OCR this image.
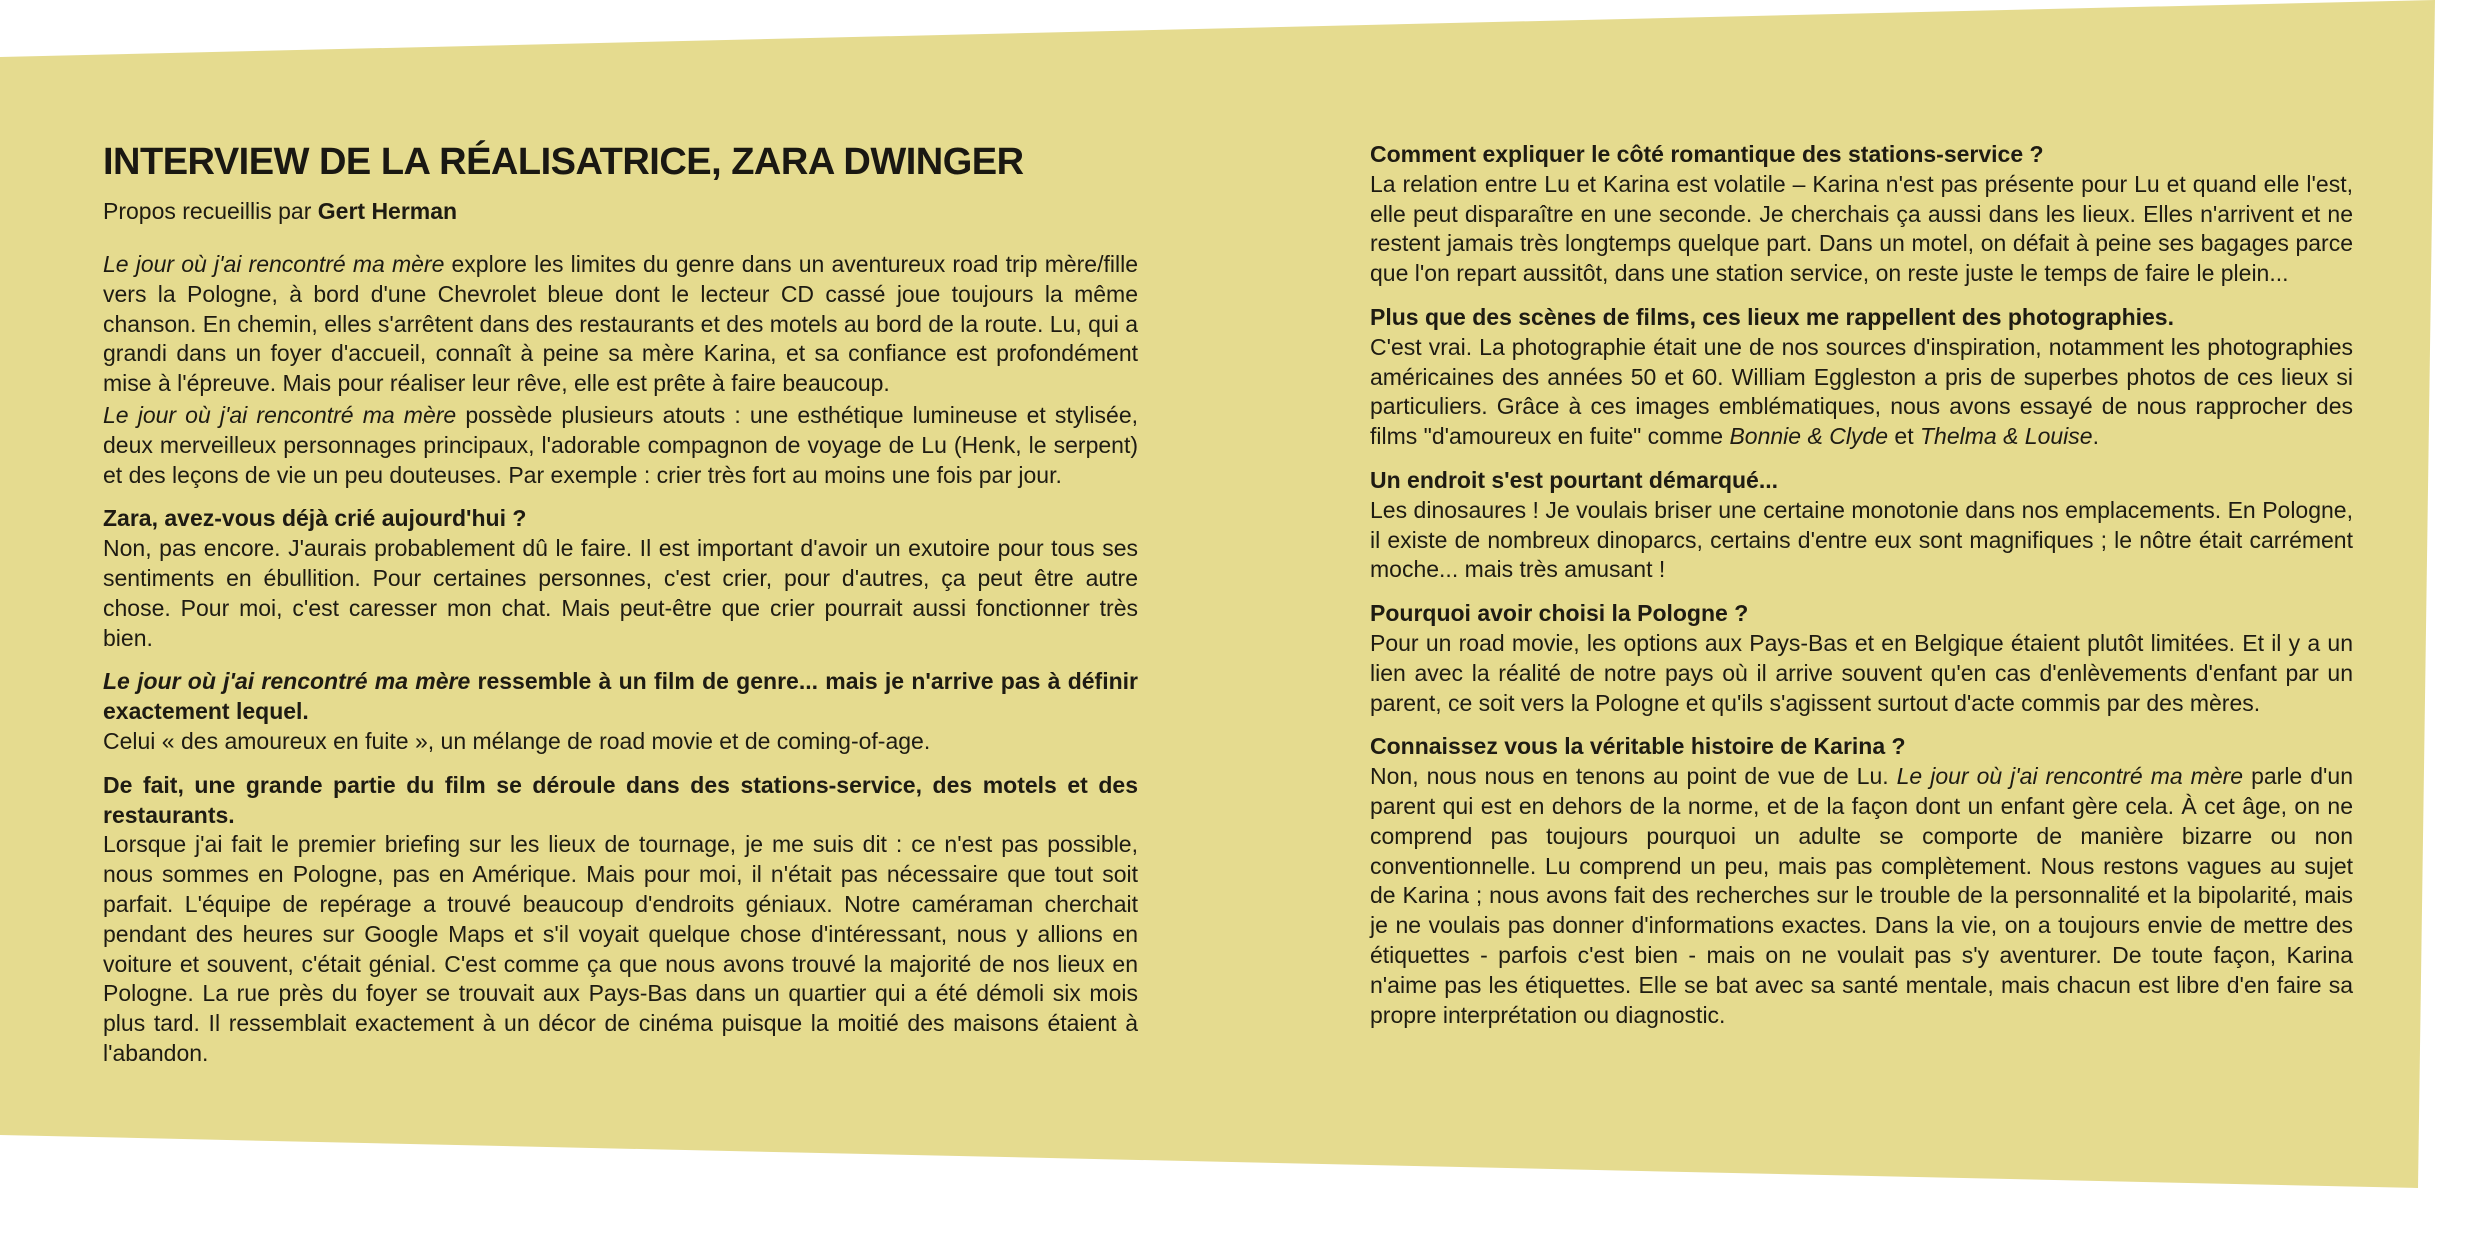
INTERVIEW DE LA RÉALISATRICE, ZARA DWINGER
Propos recueillis par Gert Herman

Le jour où j'ai rencontré ma mère explore les limites du genre dans un aventureux road trip mère/fille vers la Pologne, à bord d'une Chevrolet bleue dont le lecteur CD cassé joue toujours la même chanson. En chemin, elles s'arrêtent dans des restaurants et des motels au bord de la route. Lu, qui a grandi dans un foyer d'accueil, connaît à peine sa mère Karina, et sa confiance est profondément mise à l'épreuve. Mais pour réaliser leur rêve, elle est prête à faire beaucoup.

Le jour où j'ai rencontré ma mère possède plusieurs atouts : une esthétique lumineuse et stylisée, deux merveilleux personnages principaux, l'adorable compagnon de voyage de Lu (Henk, le serpent) et des leçons de vie un peu douteuses. Par exemple : crier très fort au moins une fois par jour.

Zara, avez-vous déjà crié aujourd'hui ?

Non, pas encore. J'aurais probablement dû le faire. Il est important d'avoir un exutoire pour tous ses sentiments en ébullition. Pour certaines personnes, c'est crier, pour d'autres, ça peut être autre chose. Pour moi, c'est caresser mon chat. Mais peut-être que crier pourrait aussi fonctionner très bien.

Le jour où j'ai rencontré ma mère ressemble à un film de genre... mais je n'arrive pas à définir exactement lequel.

Celui « des amoureux en fuite », un mélange de road movie et de coming-of-age.

De fait, une grande partie du film se déroule dans des stations-service, des motels et des restaurants.

Lorsque j'ai fait le premier briefing sur les lieux de tournage, je me suis dit : ce n'est pas possible, nous sommes en Pologne, pas en Amérique. Mais pour moi, il n'était pas nécessaire que tout soit parfait. L'équipe de repérage a trouvé beaucoup d'endroits géniaux. Notre caméraman cherchait pendant des heures sur Google Maps et s'il voyait quelque chose d'intéressant, nous y allions en voiture et souvent, c'était génial. C'est comme ça que nous avons trouvé la majorité de nos lieux en Pologne. La rue près du foyer se trouvait aux Pays-Bas dans un quartier qui a été démoli six mois plus tard. Il ressemblait exactement à un décor de cinéma puisque la moitié des maisons étaient à l'abandon.

Comment expliquer le côté romantique des stations-service ?

La relation entre Lu et Karina est volatile – Karina n'est pas présente pour Lu et quand elle l'est, elle peut disparaître en une seconde. Je cherchais ça aussi dans les lieux. Elles n'arrivent et ne restent jamais très longtemps quelque part. Dans un motel, on défait à peine ses bagages parce que l'on repart aussitôt, dans une station service, on reste juste le temps de faire le plein...

Plus que des scènes de films, ces lieux me rappellent des photographies.

C'est vrai. La photographie était une de nos sources d'inspiration, notamment les photographies américaines des années 50 et 60. William Eggleston a pris de superbes photos de ces lieux si particuliers. Grâce à ces images emblématiques, nous avons essayé de nous rapprocher des films "d'amoureux en fuite" comme Bonnie & Clyde et Thelma & Louise.

Un endroit s'est pourtant démarqué...

Les dinosaures ! Je voulais briser une certaine monotonie dans nos emplacements. En Pologne, il existe de nombreux dinoparcs, certains d'entre eux sont magnifiques ; le nôtre était carrément moche... mais très amusant !

Pourquoi avoir choisi la Pologne ?

Pour un road movie, les options aux Pays-Bas et en Belgique étaient plutôt limitées. Et il y a un lien avec la réalité de notre pays où il arrive souvent qu'en cas d'enlèvements d'enfant par un parent, ce soit vers la Pologne et qu'ils s'agissent surtout d'acte commis par des mères.

Connaissez vous la véritable histoire de Karina ?

Non, nous nous en tenons au point de vue de Lu. Le jour où j'ai rencontré ma mère parle d'un parent qui est en dehors de la norme, et de la façon dont un enfant gère cela. À cet âge, on ne comprend pas toujours pourquoi un adulte se comporte de manière bizarre ou non conventionnelle. Lu comprend un peu, mais pas complètement. Nous restons vagues au sujet de Karina ; nous avons fait des recherches sur le trouble de la personnalité et la bipolarité, mais je ne voulais pas donner d'informations exactes. Dans la vie, on a toujours envie de mettre des étiquettes - parfois c'est bien - mais on ne voulait pas s'y aventurer. De toute façon, Karina n'aime pas les étiquettes. Elle se bat avec sa santé mentale, mais chacun est libre d'en faire sa propre interprétation ou diagnostic.
